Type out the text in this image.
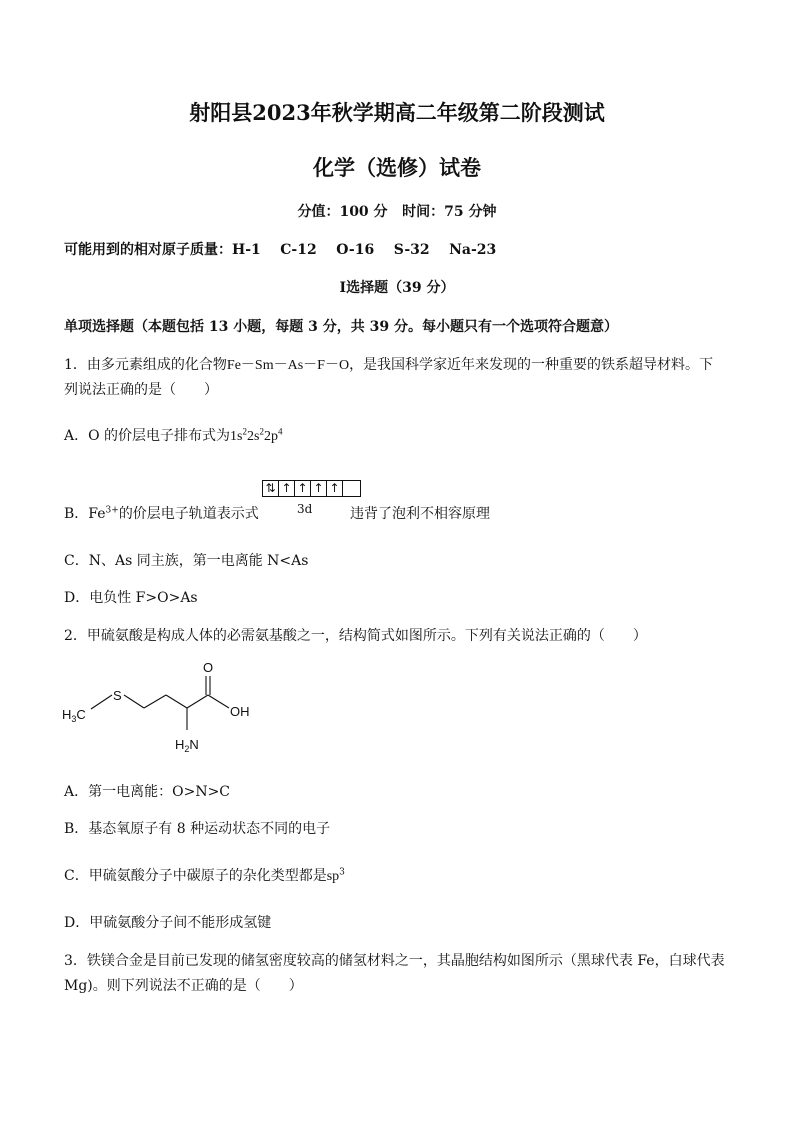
射阳县2023年秋学期高二年级第二阶段测试
化学（选修）试卷
分值：100 分   时间：75 分钟
可能用到的相对原子质量：H-1    C-12    O-16    S-32    Na-23
Ⅰ选择题（39 分）
单项选择题（本题包括 13 小题，每题 3 分，共 39 分。每小题只有一个选项符合题意）
1．由多元素组成的化合物Fe－Sm－As－F－O，是我国科学家近年来发现的一种重要的铁系超导材料。下
列说法正确的是（　　）
A．O 的价层电子排布式为$1s^22s^22p^4$
⇅ ↑ ↑ ↑ ↑
3d
B．$Fe^{3+}$的价层电子轨道表示式	违背了泡利不相容原理
C．N、As 同主族，第一电离能 N<As
D．电负性 F>O>As
2．甲硫氨酸是构成人体的必需氨基酸之一，结构简式如图所示。下列有关说法正确的（　　）
$H_3C$
S
O
OH
$H_2N$
A．第一电离能：O>N>C
B．基态氧原子有 8 种运动状态不同的电子
C．甲硫氨酸分子中碳原子的杂化类型都是$sp^3$
D．甲硫氨酸分子间不能形成氢键
3．铁镁合金是目前已发现的储氢密度较高的储氢材料之一，其晶胞结构如图所示（黑球代表 Fe，白球代表
Mg)。则下列说法不正确的是（　　）
